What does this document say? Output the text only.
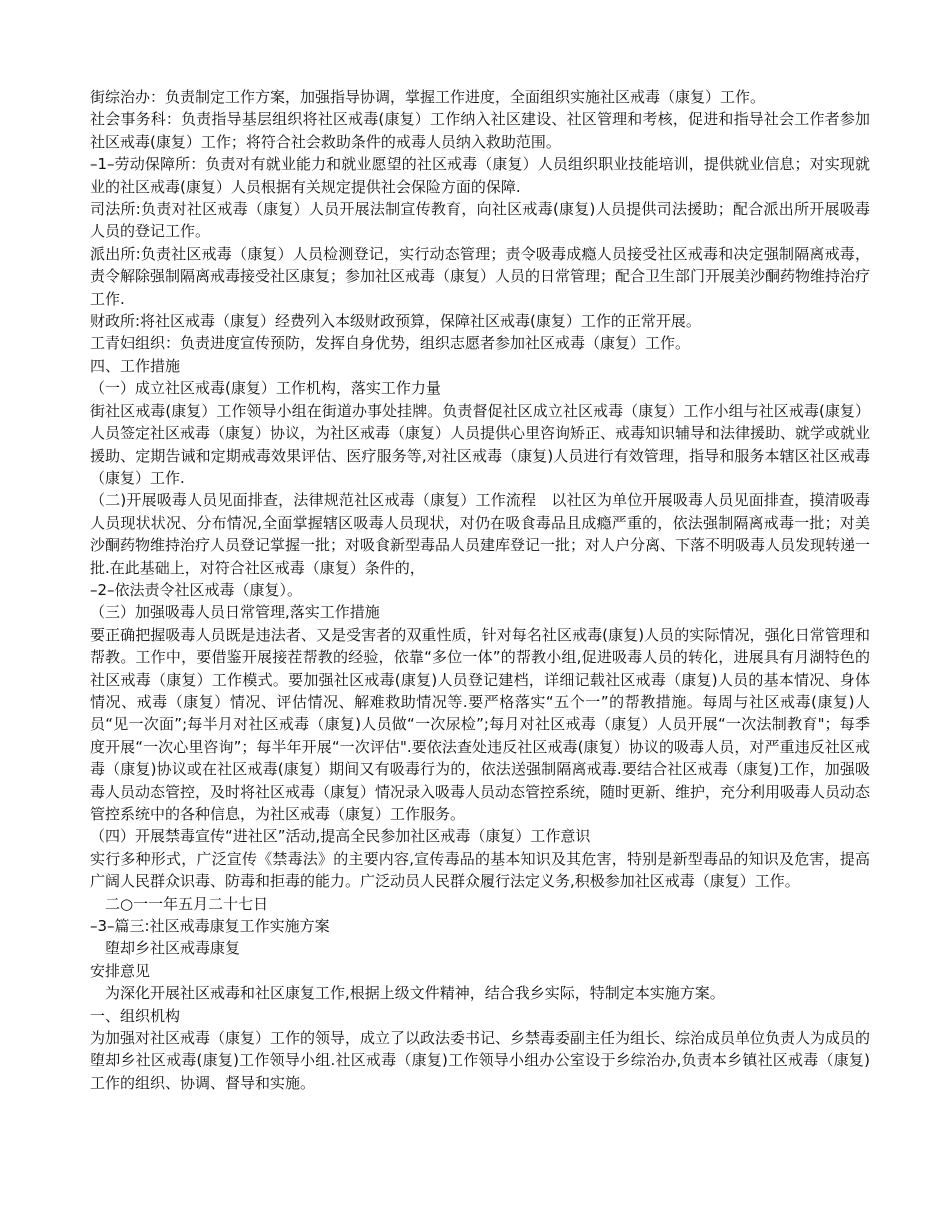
街综治办：负责制定工作方案，加强指导协调，掌握工作进度，全面组织实施社区戒毒（康复）工作。

社会事务科：负责指导基层组织将社区戒毒(康复）工作纳入社区建设、社区管理和考核，促进和指导社会工作者参加社区戒毒(康复）工作；将符合社会救助条件的戒毒人员纳入救助范围。

–1–劳动保障所：负责对有就业能力和就业愿望的社区戒毒（康复）人员组织职业技能培训，提供就业信息；对实现就业的社区戒毒(康复）人员根据有关规定提供社会保险方面的保障.

司法所:负责对社区戒毒（康复）人员开展法制宣传教育，向社区戒毒(康复)人员提供司法援助；配合派出所开展吸毒人员的登记工作。

派出所:负责社区戒毒（康复）人员检测登记，实行动态管理；责令吸毒成瘾人员接受社区戒毒和决定强制隔离戒毒，责令解除强制隔离戒毒接受社区康复；参加社区戒毒（康复）人员的日常管理；配合卫生部门开展美沙酮药物维持治疗工作.

财政所:将社区戒毒（康复）经费列入本级财政预算，保障社区戒毒(康复）工作的正常开展。

工青妇组织：负责进度宣传预防，发挥自身优势，组织志愿者参加社区戒毒（康复）工作。

四、工作措施

（一）成立社区戒毒(康复）工作机构，落实工作力量

街社区戒毒(康复）工作领导小组在街道办事处挂牌。负责督促社区成立社区戒毒（康复）工作小组与社区戒毒(康复）人员签定社区戒毒（康复）协议，为社区戒毒（康复）人员提供心里咨询矫正、戒毒知识辅导和法律援助、就学或就业援助、定期告诫和定期戒毒效果评估、医疗服务等,对社区戒毒（康复)人员进行有效管理，指导和服务本辖区社区戒毒（康复）工作.

（二)开展吸毒人员见面排查，法律规范社区戒毒（康复）工作流程　以社区为单位开展吸毒人员见面排查，摸清吸毒人员现状状况、分布情况,全面掌握辖区吸毒人员现状，对仍在吸食毒品且成瘾严重的，依法强制隔离戒毒一批；对美沙酮药物维持治疗人员登记掌握一批；对吸食新型毒品人员建库登记一批；对人户分离、下落不明吸毒人员发现转递一批.在此基础上，对符合社区戒毒（康复）条件的，

–2–依法责令社区戒毒（康复）。

（三）加强吸毒人员日常管理,落实工作措施

要正确把握吸毒人员既是违法者、又是受害者的双重性质，针对每名社区戒毒(康复)人员的实际情况，强化日常管理和帮教。工作中，要借鉴开展接茬帮教的经验，依靠“多位一体”的帮教小组,促进吸毒人员的转化，进展具有月湖特色的社区戒毒（康复）工作模式。要加强社区戒毒(康复)人员登记建档，详细记载社区戒毒（康复)人员的基本情况、身体情况、戒毒（康复）情况、评估情况、解难救助情况等.要严格落实“五个一”的帮教措施。每周与社区戒毒(康复)人员“见一次面”;每半月对社区戒毒（康复)人员做“一次尿检”;每月对社区戒毒（康复）人员开展“一次法制教育"；每季度开展“一次心里咨询”；每半年开展“一次评估".要依法查处违反社区戒毒(康复）协议的吸毒人员，对严重违反社区戒毒（康复)协议或在社区戒毒(康复）期间又有吸毒行为的，依法送强制隔离戒毒.要结合社区戒毒（康复)工作，加强吸毒人员动态管控，及时将社区戒毒（康复）情况录入吸毒人员动态管控系统，随时更新、维护，充分利用吸毒人员动态管控系统中的各种信息，为社区戒毒（康复）工作服务。

（四）开展禁毒宣传“进社区”活动,提高全民参加社区戒毒（康复）工作意识

实行多种形式，广泛宣传《禁毒法》的主要内容,宣传毒品的基本知识及其危害，特别是新型毒品的知识及危害，提高广阔人民群众识毒、防毒和拒毒的能力。广泛动员人民群众履行法定义务,积极参加社区戒毒（康复）工作。

　二○一一年五月二十七日

–3–篇三:社区戒毒康复工作实施方案

　堕却乡社区戒毒康复

安排意见

　为深化开展社区戒毒和社区康复工作,根据上级文件精神，结合我乡实际，特制定本实施方案。

一、组织机构

为加强对社区戒毒（康复）工作的领导，成立了以政法委书记、乡禁毒委副主任为组长、综治成员单位负责人为成员的堕却乡社区戒毒(康复)工作领导小组.社区戒毒（康复)工作领导小组办公室设于乡综治办,负责本乡镇社区戒毒（康复)工作的组织、协调、督导和实施。
